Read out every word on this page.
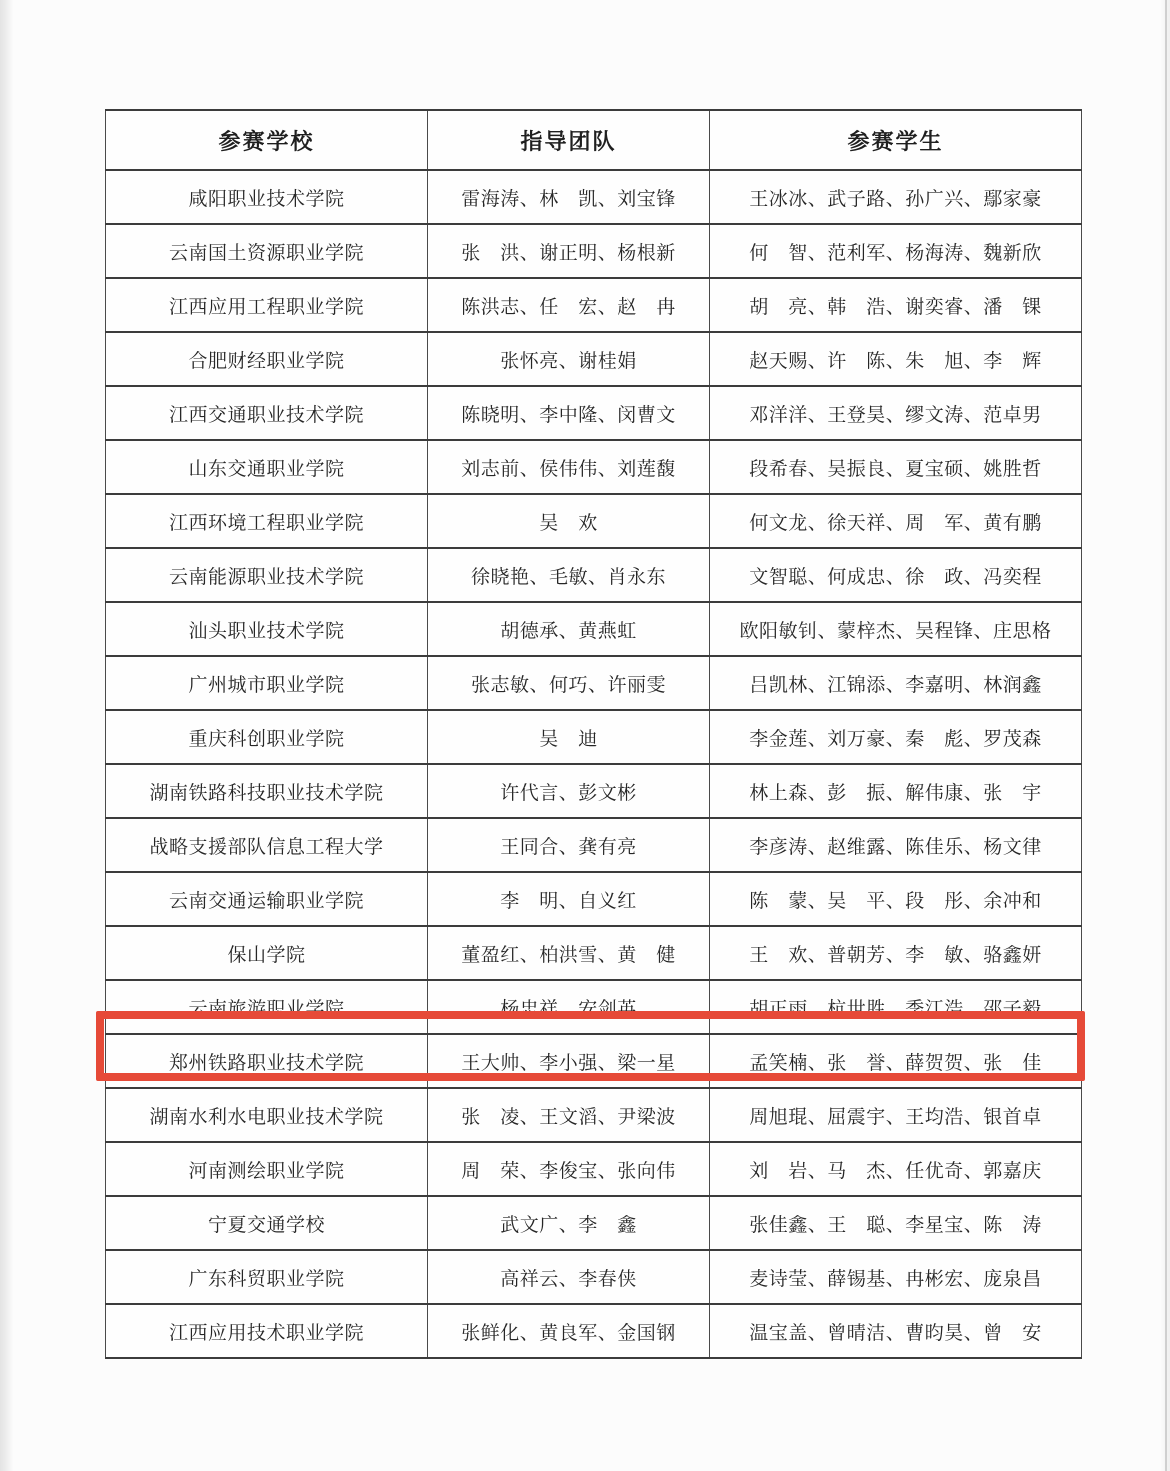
参赛学校	指导团队	参赛学生
咸阳职业技术学院	雷海涛、林　凯、刘宝锋	王冰冰、武子路、孙广兴、鄢家豪
云南国土资源职业学院	张　洪、谢正明、杨根新	何　智、范利军、杨海涛、魏新欣
江西应用工程职业学院	陈洪志、任　宏、赵　冉	胡　亮、韩　浩、谢奕睿、潘　锞
合肥财经职业学院	张怀亮、谢桂娟	赵天赐、许　陈、朱　旭、李　辉
江西交通职业技术学院	陈晓明、李中隆、闵曹文	邓洋洋、王登昊、缪文涛、范卓男
山东交通职业学院	刘志前、侯伟伟、刘莲馥	段希春、吴振良、夏宝硕、姚胜哲
江西环境工程职业学院	吴　欢	何文龙、徐天祥、周　军、黄有鹏
云南能源职业技术学院	徐晓艳、毛敏、肖永东	文智聪、何成忠、徐　政、冯奕程
汕头职业技术学院	胡德承、黄燕虹	欧阳敏钊、蒙梓杰、吴程锋、庄思格
广州城市职业学院	张志敏、何巧、许丽雯	吕凯林、江锦添、李嘉明、林润鑫
重庆科创职业学院	吴　迪	李金莲、刘万豪、秦　彪、罗茂森
湖南铁路科技职业技术学院	许代言、彭文彬	林上森、彭　振、解伟康、张　宇
战略支援部队信息工程大学	王同合、龚有亮	李彦涛、赵维露、陈佳乐、杨文律
云南交通运输职业学院	李　明、自义红	陈　蒙、吴　平、段　彤、余冲和
保山学院	董盈红、柏洪雪、黄　健	王　欢、普朝芳、李　敏、骆鑫妍
云南旅游职业学院	杨忠祥、安剑英	胡正雨、杭世胜、季江浩、邵子毅
郑州铁路职业技术学院	王大帅、李小强、梁一星	孟笑楠、张　誉、薛贺贺、张　佳
湖南水利水电职业技术学院	张　凌、王文滔、尹梁波	周旭琨、屈震宇、王均浩、银首卓
河南测绘职业学院	周　荣、李俊宝、张向伟	刘　岩、马　杰、任优奇、郭嘉庆
宁夏交通学校	武文广、李　鑫	张佳鑫、王　聪、李星宝、陈　涛
广东科贸职业学院	高祥云、李春侠	麦诗莹、薛锡基、冉彬宏、庞泉昌
江西应用技术职业学院	张鲜化、黄良军、金国钢	温宝盖、曾晴洁、曹昀昊、曾　安
